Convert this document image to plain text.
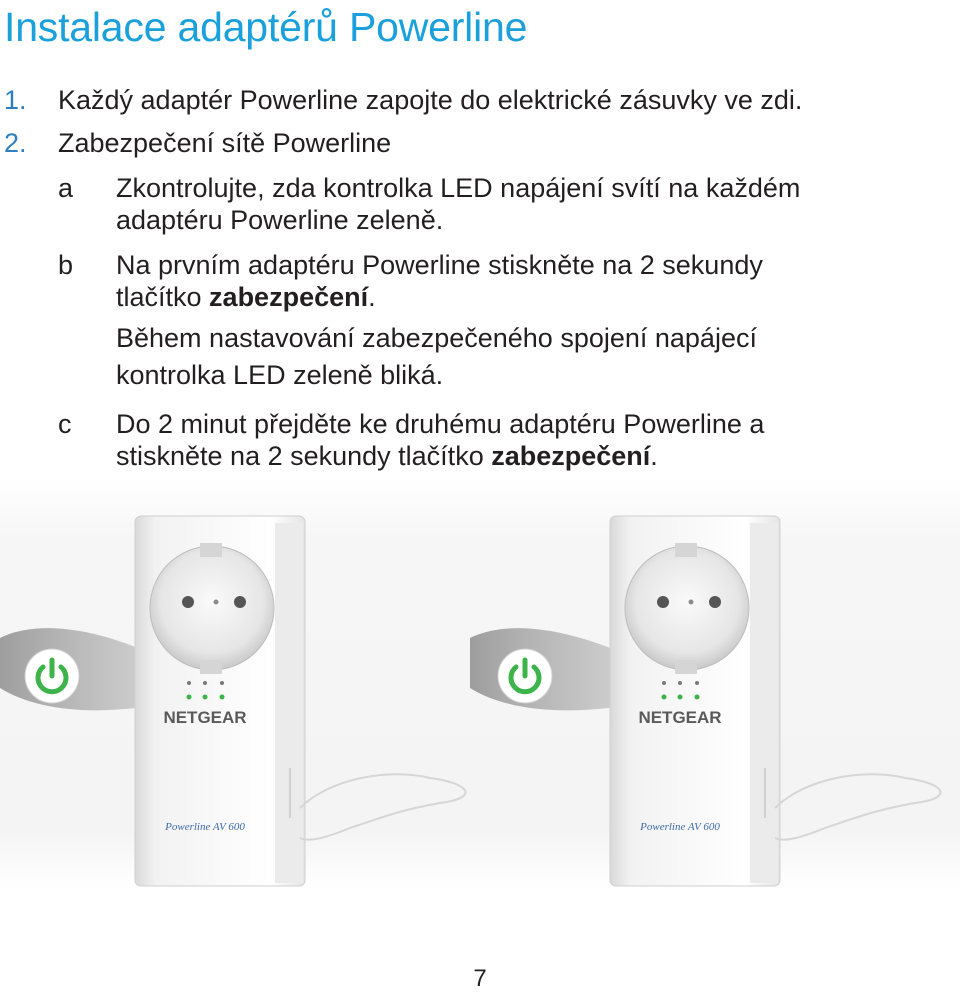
Instalace adaptérů Powerline
1. Každý adaptér Powerline zapojte do elektrické zásuvky ve zdi.
2. Zabezpečení sítě Powerline
a Zkontrolujte, zda kontrolka LED napájení svítí na každém
adaptéru Powerline zeleně.
b Na prvním adaptéru Powerline stiskněte na 2 sekundy
tlačítko zabezpečení.
Během nastavování zabezpečeného spojení napájecí
kontrolka LED zeleně bliká.
c Do 2 minut přejděte ke druhému adaptéru Powerline a
stiskněte na 2 sekundy tlačítko zabezpečení.
NETGEAR
Powerline AV 600
NETGEAR
Powerline AV 600
7
